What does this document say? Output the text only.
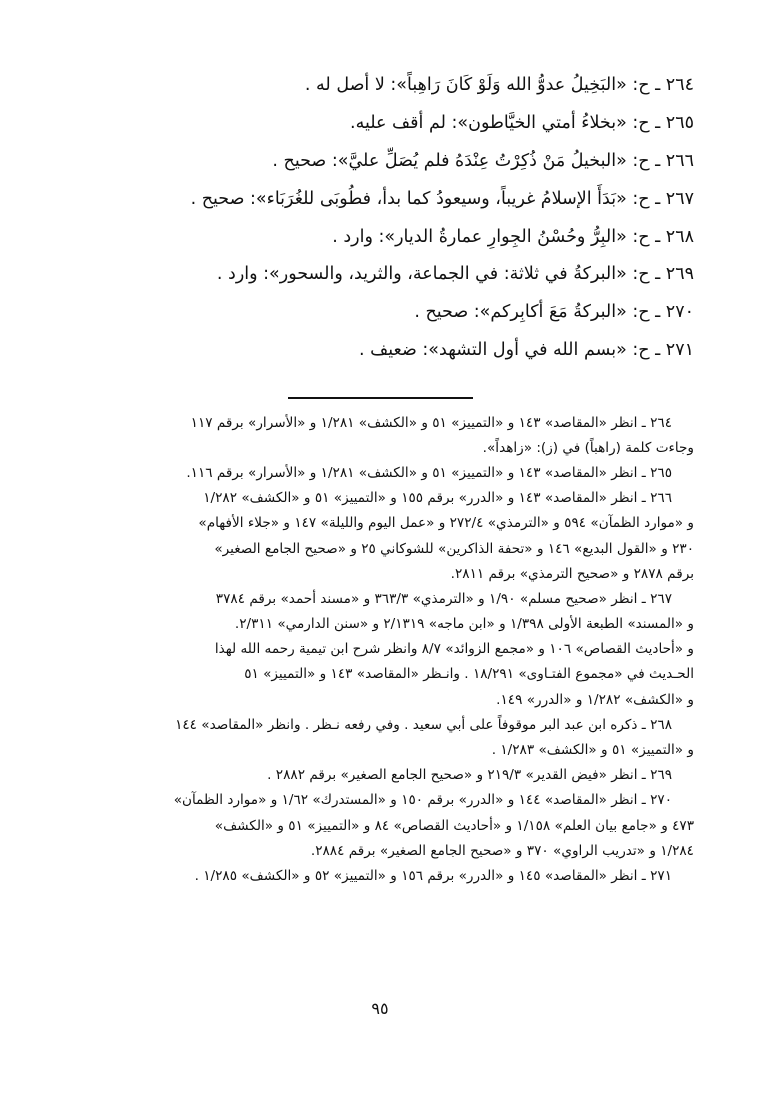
٢٦٤ ـ ح: «البَخِيلُ عدوُّ الله وَلَوْ كَانَ رَاهِباً»: لا أصل له .

٢٦٥ ـ ح: «بخلاءُ أمتي الخيَّاطون»: لم أقف عليه.

٢٦٦ ـ ح: «البخيلُ مَنْ ذُكِرْتُ عِنْدَهُ فلم يُصَلِّ عليَّ»: صحيح .

٢٦٧ ـ ح: «بَدَأَ الإسلامُ غريباً، وسيعودُ كما بدأ، فطُوبَى للغُرَبَاء»: صحيح .

٢٦٨ ـ ح: «البِرُّ وحُسْنُ الجِوارِ عمارةُ الديار»: وارد .

٢٦٩ ـ ح: «البركةُ في ثلاثة: في الجماعة، والثريد، والسحور»: وارد .

٢٧٠ ـ ح: «البركةُ مَعَ أكابِركم»: صحيح .

٢٧١ ـ ح: «بسم الله في أول التشهد»: ضعيف .

٢٦٤ ـ انظر «المقاصد» ١٤٣ و «التمييز» ٥١ و «الكشف» ١/٢٨١ و «الأسرار» برقم ١١٧

وجاءت كلمة (راهباً) في (ز): «زاهداً».

٢٦٥ ـ انظر «المقاصد» ١٤٣ و «التمييز» ٥١ و «الكشف» ١/٢٨١ و «الأسرار» برقم ١١٦.

٢٦٦ ـ انظر «المقاصد» ١٤٣ و «الدرر» برقم ١٥٥ و «التمييز» ٥١ و «الكشف» ١/٢٨٢

و «موارد الظمآن» ٥٩٤ و «الترمذي» ٢٧٢/٤ و «عمل اليوم والليلة» ١٤٧ و «جلاء الأفهام»

٢٣٠ و «القول البديع» ١٤٦ و «تحفة الذاكرين» للشوكاني ٢٥ و «صحيح الجامع الصغير»

برقم ٢٨٧٨ و «صحيح الترمذي» برقم ٢٨١١.

٢٦٧ ـ انظر «صحيح مسلم» ١/٩٠ و «الترمذي» ٣٦٣/٣ و «مسند أحمد» برقم ٣٧٨٤

و «المسند» الطبعة الأولى ١/٣٩٨ و «ابن ماجه» ٢/١٣١٩ و «سنن الدارمي» ٢/٣١١.

و «أحاديث القصاص» ١٠٦ و «مجمع الزوائد» ٨/٧ وانظر شرح ابن تيمية رحمه الله لهذا

الحـديث في «مجموع الفتـاوى» ١٨/٢٩١ . وانـظر «المقاصد» ١٤٣ و «التمييز» ٥١

و «الكشف» ١/٢٨٢ و «الدرر» ١٤٩.

٢٦٨ ـ ذكره ابن عبد البر موقوفاً على أبي سعيد . وفي رفعه نـظر . وانظر «المقاصد» ١٤٤

و «التمييز» ٥١ و «الكشف» ١/٢٨٣ .

٢٦٩ ـ انظر «فيض القدير» ٢١٩/٣ و «صحيح الجامع الصغير» برقم ٢٨٨٢ .

٢٧٠ ـ انظر «المقاصد» ١٤٤ و «الدرر» برقم ١٥٠ و «المستدرك» ١/٦٢ و «موارد الظمآن»

٤٧٣ و «جامع بيان العلم» ١/١٥٨ و «أحاديث القصاص» ٨٤ و «التمييز» ٥١ و «الكشف»

١/٢٨٤ و «تدريب الراوي» ٣٧٠ و «صحيح الجامع الصغير» برقم ٢٨٨٤.

٢٧١ ـ انظر «المقاصد» ١٤٥ و «الدرر» برقم ١٥٦ و «التمييز» ٥٢ و «الكشف» ١/٢٨٥ .

٩٥
